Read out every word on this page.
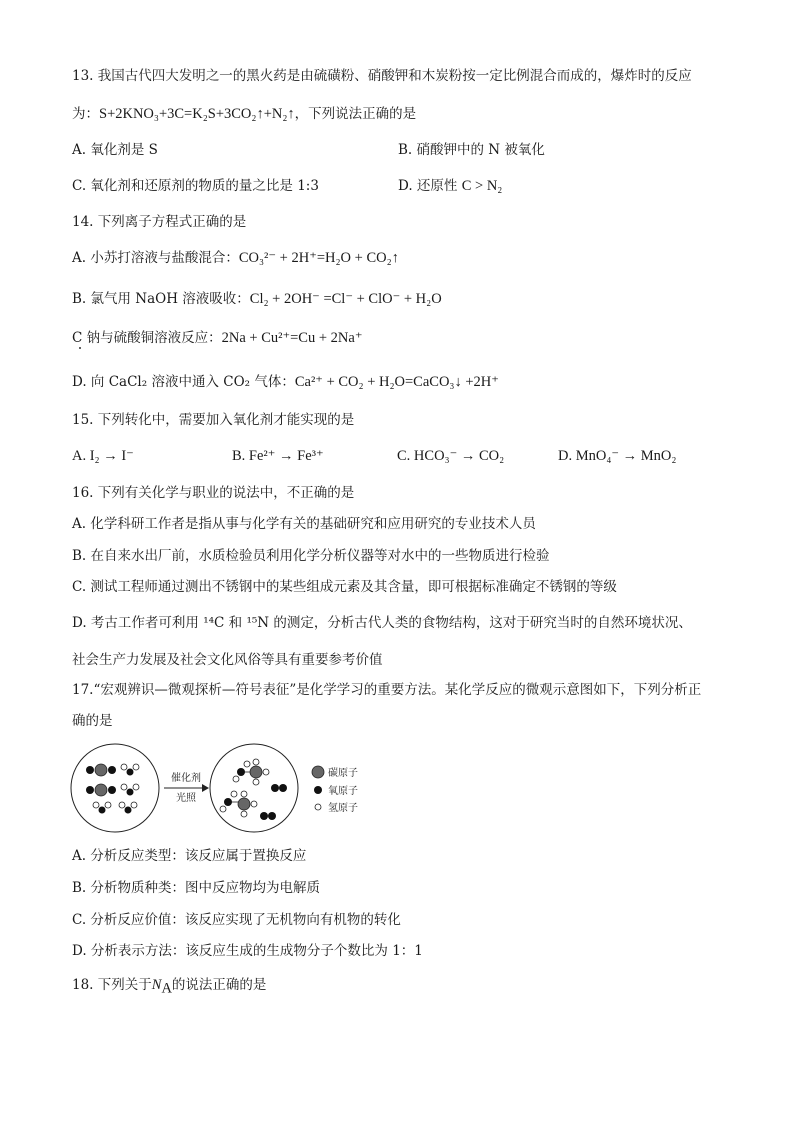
13. 我国古代四大发明之一的黑火药是由硫磺粉、硝酸钾和木炭粉按一定比例混合而成的，爆炸时的反应
为：S+2KNO₃+3C=K₂S+3CO₂↑+N₂↑，下列说法正确的是
A. 氧化剂是 S	B. 硝酸钾中的 N 被氧化
C. 氧化剂和还原剂的物质的量之比是 1:3	D. 还原性 C > N₂
14. 下列离子方程式正确的是
A. 小苏打溶液与盐酸混合：CO₃²⁻ + 2H⁺=H₂O + CO₂↑
B. 氯气用 NaOH 溶液吸收：Cl₂ + 2OH⁻ =Cl⁻ + ClO⁻ + H₂O
C 钠与硫酸铜溶液反应：2Na + Cu²⁺=Cu + 2Na⁺
D. 向 CaCl₂ 溶液中通入 CO₂ 气体：Ca²⁺ + CO₂ + H₂O=CaCO₃↓ +2H⁺
15. 下列转化中，需要加入氧化剂才能实现的是
A. I₂ → I⁻	B. Fe²⁺ → Fe³⁺	C. HCO₃⁻ → CO₂	D. MnO₄⁻ → MnO₂
16. 下列有关化学与职业的说法中，不正确的是
A. 化学科研工作者是指从事与化学有关的基础研究和应用研究的专业技术人员
B. 在自来水出厂前，水质检验员利用化学分析仪器等对水中的一些物质进行检验
C. 测试工程师通过测出不锈钢中的某些组成元素及其含量，即可根据标准确定不锈钢的等级
D. 考古工作者可利用 ¹⁴C 和 ¹⁵N 的测定，分析古代人类的食物结构，这对于研究当时的自然环境状况、
社会生产力发展及社会文化风俗等具有重要参考价值
17.“宏观辨识—微观探析—符号表征”是化学学习的重要方法。某化学反应的微观示意图如下，下列分析正
确的是
催化剂
光照
碳原子
氧原子
氢原子
A. 分析反应类型：该反应属于置换反应
B. 分析物质种类：图中反应物均为电解质
C. 分析反应价值：该反应实现了无机物向有机物的转化
D. 分析表示方法：该反应生成的生成物分子个数比为 1：1
18. 下列关于$N_A$的说法正确的是
